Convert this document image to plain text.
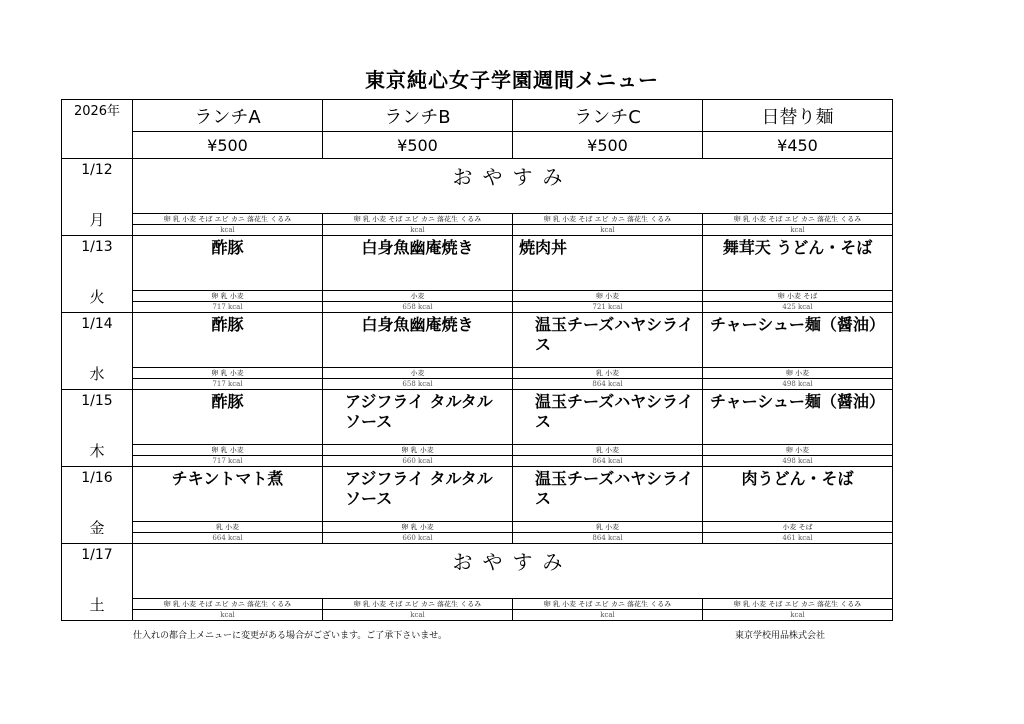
東京純心女子学園週間メニュー
2026年	ランチA	ランチB	ランチC	日替り麺
	¥500	¥500	¥500	¥450

1/12
月	おやすみ			
	卵 乳 小麦 そば エビ カニ 落花生 くるみ	卵 乳 小麦 そば エビ カニ 落花生 くるみ	卵 乳 小麦 そば エビ カニ 落花生 くるみ	卵 乳 小麦 そば エビ カニ 落花生 くるみ
	kcal	kcal	kcal	kcal

1/13
火	酢豚	白身魚幽庵焼き	焼肉丼	舞茸天 うどん・そば
	卵 乳 小麦	小麦	卵 小麦	卵 小麦 そば
	717 kcal	658 kcal	721 kcal	425 kcal

1/14
水	酢豚	白身魚幽庵焼き	温玉チーズハヤシライス	チャーシュー麺（醤油）
	卵 乳 小麦	小麦	乳 小麦	卵 小麦
	717 kcal	658 kcal	864 kcal	498 kcal

1/15
木	酢豚	アジフライ タルタルソース	温玉チーズハヤシライス	チャーシュー麺（醤油）
	卵 乳 小麦	卵 乳 小麦	乳 小麦	卵 小麦
	717 kcal	660 kcal	864 kcal	498 kcal

1/16
金	チキントマト煮	アジフライ タルタルソース	温玉チーズハヤシライス	肉うどん・そば
	乳 小麦	卵 乳 小麦	乳 小麦	小麦 そば
	664 kcal	660 kcal	864 kcal	461 kcal

1/17
土	おやすみ			
	卵 乳 小麦 そば エビ カニ 落花生 くるみ	卵 乳 小麦 そば エビ カニ 落花生 くるみ	卵 乳 小麦 そば エビ カニ 落花生 くるみ	卵 乳 小麦 そば エビ カニ 落花生 くるみ
	kcal	kcal	kcal	kcal
仕入れの都合上メニューに変更がある場合がございます。ご了承下さいませ。	東京学校用品株式会社
